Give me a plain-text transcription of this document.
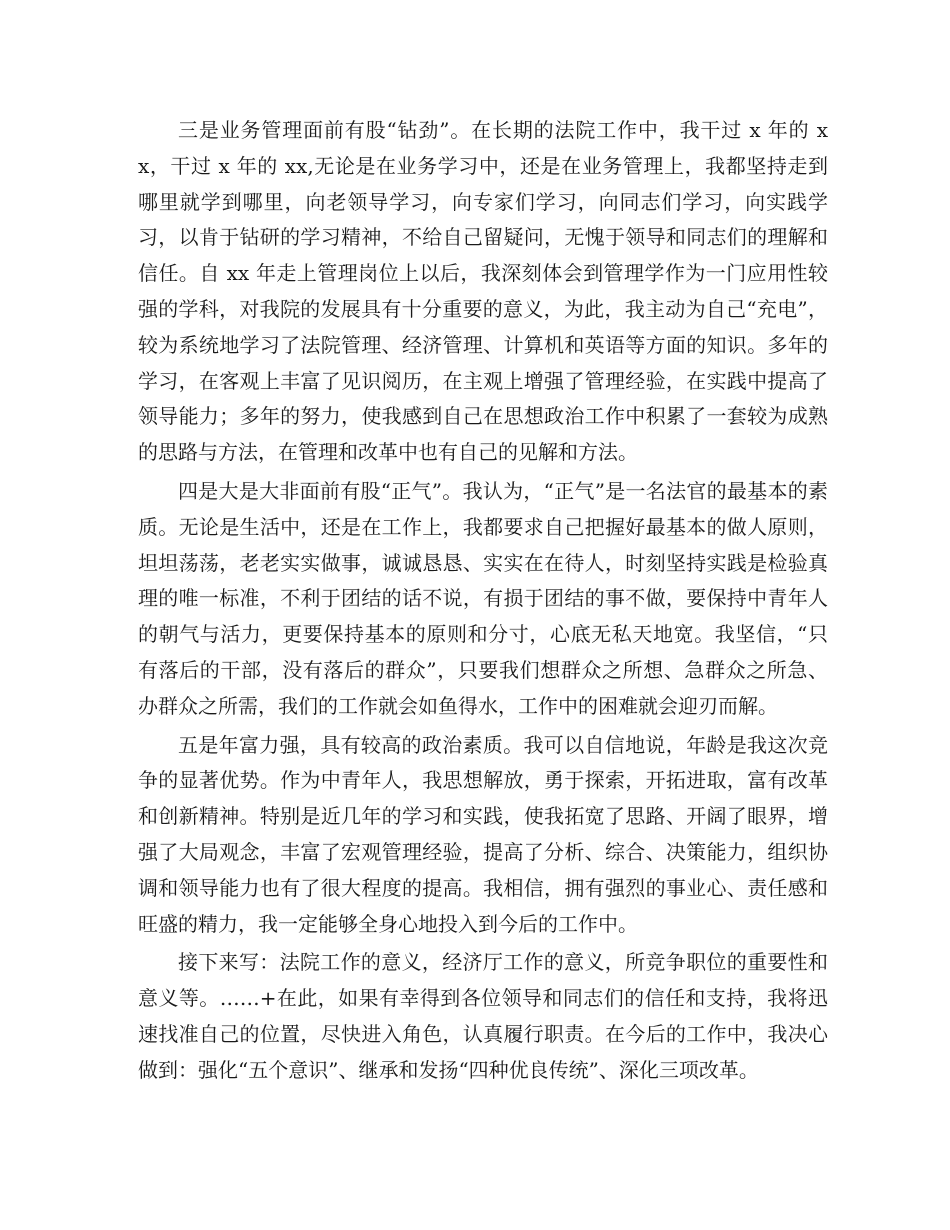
三是业务管理面前有股“钻劲”。在长期的法院工作中，我干过 x 年的 xx，干过 x 年的 xx,无论是在业务学习中，还是在业务管理上，我都坚持走到哪里就学到哪里，向老领导学习，向专家们学习，向同志们学习，向实践学习，以肯于钻研的学习精神，不给自己留疑问，无愧于领导和同志们的理解和信任。自 xx 年走上管理岗位上以后，我深刻体会到管理学作为一门应用性较强的学科，对我院的发展具有十分重要的意义，为此，我主动为自己“充电”，较为系统地学习了法院管理、经济管理、计算机和英语等方面的知识。多年的学习，在客观上丰富了见识阅历，在主观上增强了管理经验，在实践中提高了领导能力；多年的努力，使我感到自己在思想政治工作中积累了一套较为成熟的思路与方法，在管理和改革中也有自己的见解和方法。

四是大是大非面前有股“正气”。我认为，“正气”是一名法官的最基本的素质。无论是生活中，还是在工作上，我都要求自己把握好最基本的做人原则，坦坦荡荡，老老实实做事，诚诚恳恳、实实在在待人，时刻坚持实践是检验真理的唯一标准，不利于团结的话不说，有损于团结的事不做，要保持中青年人的朝气与活力，更要保持基本的原则和分寸，心底无私天地宽。我坚信，“只有落后的干部，没有落后的群众”，只要我们想群众之所想、急群众之所急、办群众之所需，我们的工作就会如鱼得水，工作中的困难就会迎刃而解。

五是年富力强，具有较高的政治素质。我可以自信地说，年龄是我这次竞争的显著优势。作为中青年人，我思想解放，勇于探索，开拓进取，富有改革和创新精神。特别是近几年的学习和实践，使我拓宽了思路、开阔了眼界，增强了大局观念，丰富了宏观管理经验，提高了分析、综合、决策能力，组织协调和领导能力也有了很大程度的提高。我相信，拥有强烈的事业心、责任感和旺盛的精力，我一定能够全身心地投入到今后的工作中。

接下来写：法院工作的意义，经济厅工作的意义，所竞争职位的重要性和意义等。……+在此，如果有幸得到各位领导和同志们的信任和支持，我将迅速找准自己的位置，尽快进入角色，认真履行职责。在今后的工作中，我决心做到：强化“五个意识”、继承和发扬“四种优良传统”、深化三项改革。
